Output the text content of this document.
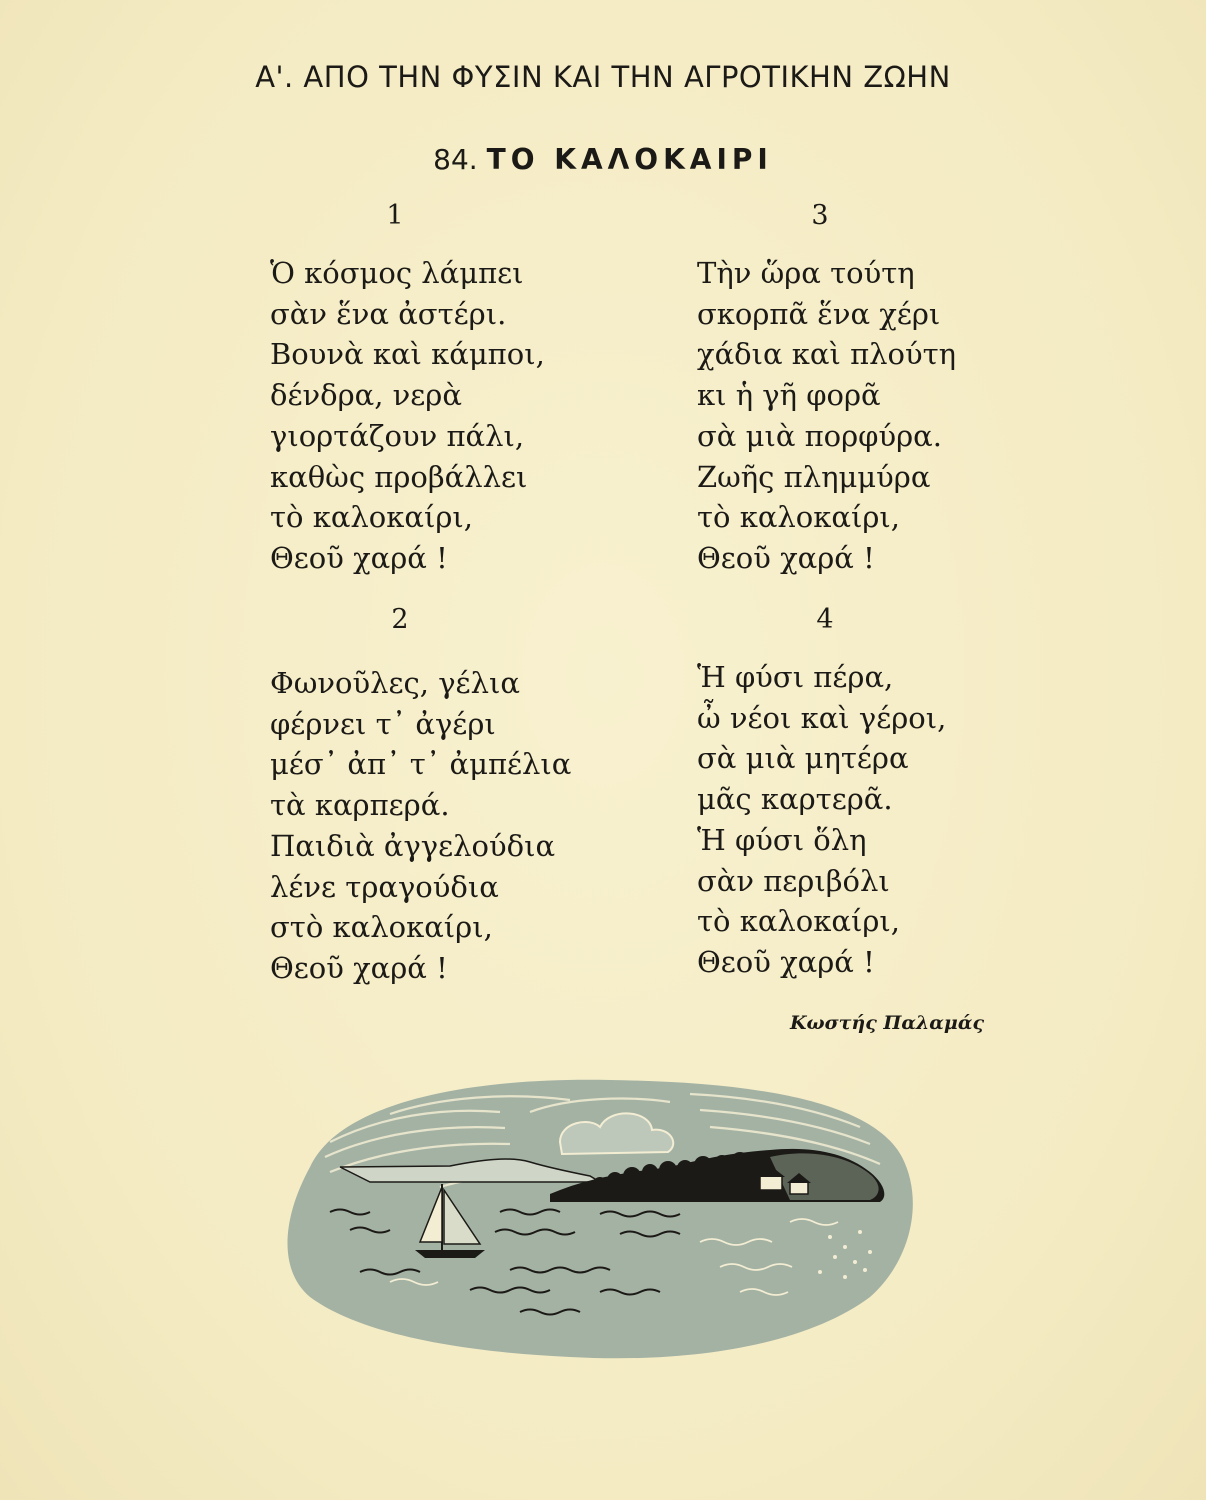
Α'. ΑΠΟ ΤΗΝ ΦΥΣΙΝ ΚΑΙ ΤΗΝ ΑΓΡΟΤΙΚΗΝ ΖΩΗΝ
84. ΤΟ ΚΑΛΟΚΑΙΡΙ
1
Ὁ κόσμος λάμπει
σὰν ἕνα ἀστέρι.
Βουνὰ καὶ κάμποι,
δένδρα, νερὰ
γιορτάζουν πάλι,
καθὼς προβάλλει
τὸ καλοκαίρι,
Θεοῦ χαρά !
3
Τὴν ὥρα τούτη
σκορπᾶ ἕνα χέρι
χάδια καὶ πλούτη
κι ἡ γῆ φορᾶ
σὰ μιὰ πορφύρα.
Ζωῆς πλημμύρα
τὸ καλοκαίρι,
Θεοῦ χαρά !
2
Φωνοῦλες, γέλια
φέρνει τ᾽ ἀγέρι
μέσ᾽ ἀπ᾽ τ᾽ ἀμπέλια
τὰ καρπερά.
Παιδιὰ ἀγγελούδια
λένε τραγούδια
στὸ καλοκαίρι,
Θεοῦ χαρά !
4
Ἡ φύσι πέρα,
ὦ νέοι καὶ γέροι,
σὰ μιὰ μητέρα
μᾶς καρτερᾶ.
Ἡ φύσι ὅλη
σὰν περιβόλι
τὸ καλοκαίρι,
Θεοῦ χαρά !
Κωστής Παλαμάς
